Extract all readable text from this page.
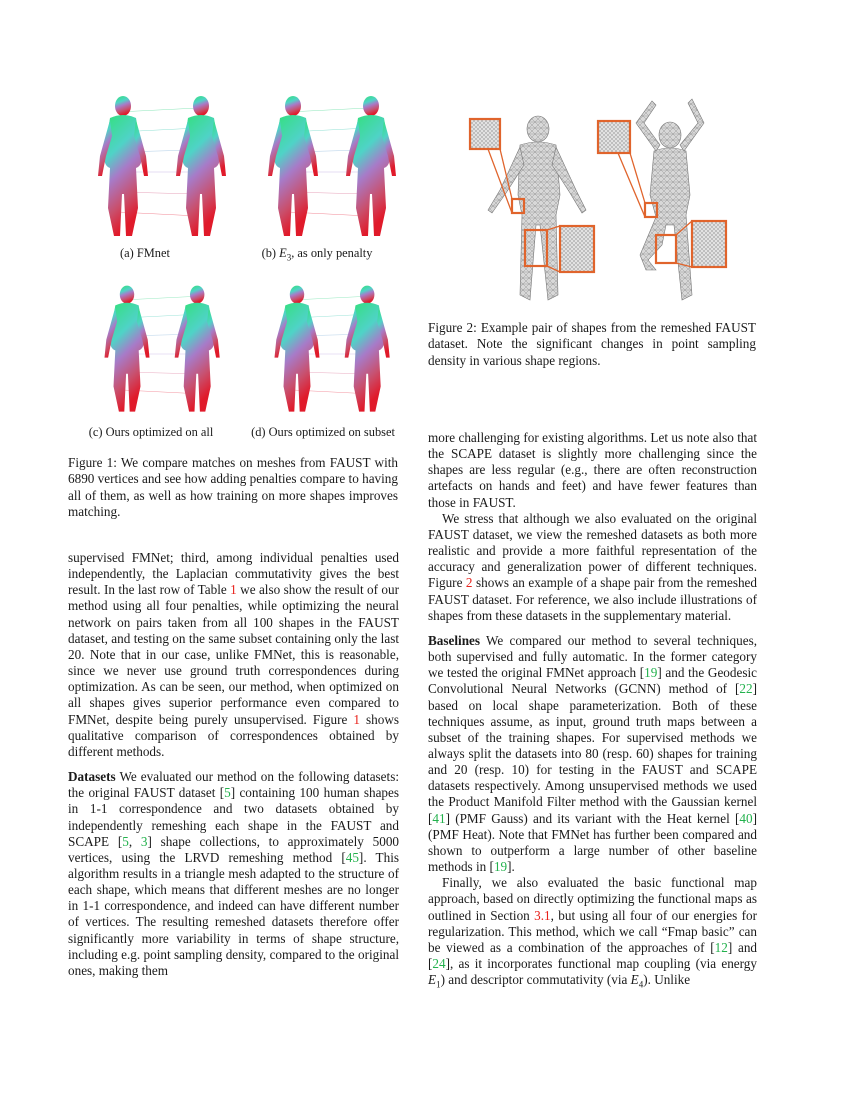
(a) FMnet	(b) $E_3$, as only penalty
(c) Ours optimized on all	(d) Ours optimized on subset

Figure 1: We compare matches on meshes from FAUST with 6890 vertices and see how adding penalties compare to having all of them, as well as how training on more shapes improves matching.

Figure 2: Example pair of shapes from the remeshed FAUST dataset. Note the significant changes in point sampling density in various shape regions.

supervised FMNet; third, among individual penalties used independently, the Laplacian commutativity gives the best result. In the last row of Table 1 we also show the result of our method using all four penalties, while optimizing the neural network on pairs taken from all 100 shapes in the FAUST dataset, and testing on the same subset containing only the last 20. Note that in our case, unlike FMNet, this is reasonable, since we never use ground truth correspondences during optimization. As can be seen, our method, when optimized on all shapes gives superior performance even compared to FMNet, despite being purely unsupervised. Figure 1 shows qualitative comparison of correspondences obtained by different methods.

Datasets We evaluated our method on the following datasets: the original FAUST dataset [5] containing 100 human shapes in 1-1 correspondence and two datasets obtained by independently remeshing each shape in the FAUST and SCAPE [5, 3] shape collections, to approximately 5000 vertices, using the LRVD remeshing method [45]. This algorithm results in a triangle mesh adapted to the structure of each shape, which means that different meshes are no longer in 1-1 correspondence, and indeed can have different number of vertices. The resulting remeshed datasets therefore offer significantly more variability in terms of shape structure, including e.g. point sampling density, compared to the original ones, making them

more challenging for existing algorithms. Let us note also that the SCAPE dataset is slightly more challenging since the shapes are less regular (e.g., there are often reconstruction artefacts on hands and feet) and have fewer features than those in FAUST.

We stress that although we also evaluated on the original FAUST dataset, we view the remeshed datasets as both more realistic and provide a more faithful representation of the accuracy and generalization power of different techniques. Figure 2 shows an example of a shape pair from the remeshed FAUST dataset. For reference, we also include illustrations of shapes from these datasets in the supplementary material.

Baselines We compared our method to several techniques, both supervised and fully automatic. In the former category we tested the original FMNet approach [19] and the Geodesic Convolutional Neural Networks (GCNN) method of [22] based on local shape parameterization. Both of these techniques assume, as input, ground truth maps between a subset of the training shapes. For supervised methods we always split the datasets into 80 (resp. 60) shapes for training and 20 (resp. 10) for testing in the FAUST and SCAPE datasets respectively. Among unsupervised methods we used the Product Manifold Filter method with the Gaussian kernel [41] (PMF Gauss) and its variant with the Heat kernel [40] (PMF Heat). Note that FMNet has further been compared and shown to outperform a large number of other baseline methods in [19].

Finally, we also evaluated the basic functional map approach, based on directly optimizing the functional maps as outlined in Section 3.1, but using all four of our energies for regularization. This method, which we call “Fmap basic” can be viewed as a combination of the approaches of [12] and [24], as it incorporates functional map coupling (via energy $E_1$) and descriptor commutativity (via $E_4$). Unlike
